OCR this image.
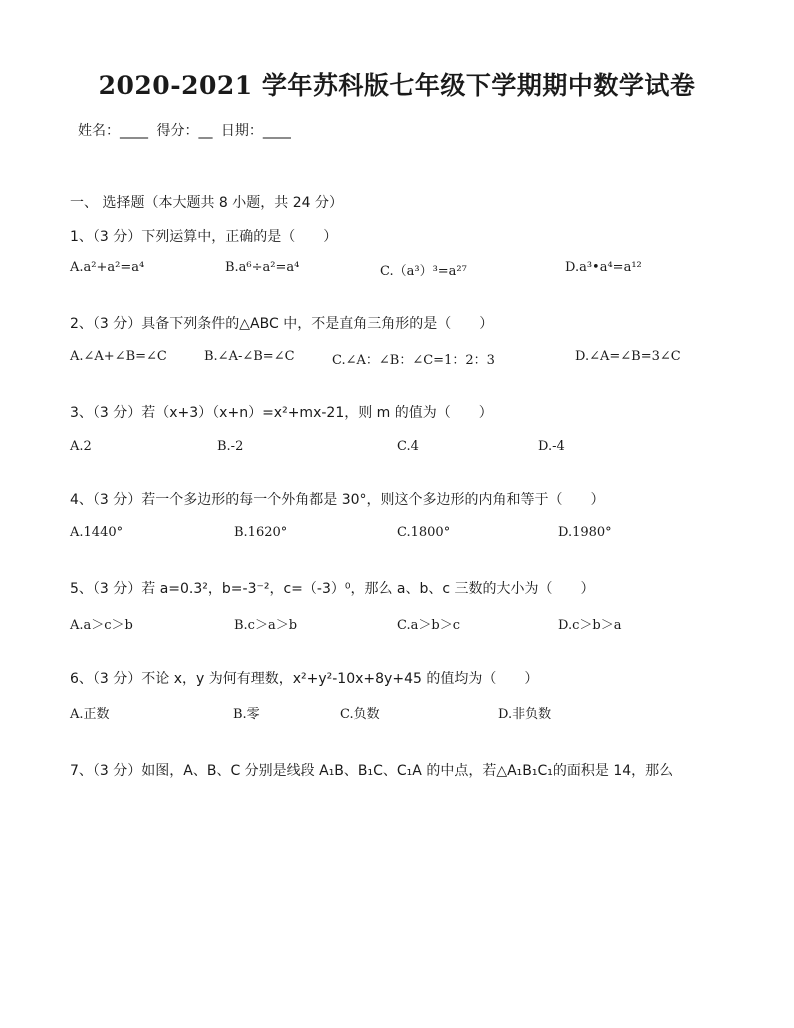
2020-2021 学年苏科版七年级下学期期中数学试卷
姓名：____ 得分：__ 日期：____
一、 选择题（本大题共 8 小题，共 24 分）
1、（3 分）下列运算中，正确的是（　　）
A.a²+a²=a⁴	B.a⁶÷a²=a⁴	C.（a³）³=a²⁷	D.a³•a⁴=a¹²
2、（3 分）具备下列条件的△ABC 中，不是直角三角形的是（　　）
A.∠A+∠B=∠C	B.∠A-∠B=∠C	C.∠A：∠B：∠C=1：2：3	D.∠A=∠B=3∠C
3、（3 分）若（x+3）（x+n）=x²+mx-21，则 m 的值为（　　）
A.2	B.-2	C.4	D.-4
4、（3 分）若一个多边形的每一个外角都是 30°，则这个多边形的内角和等于（　　）
A.1440°	B.1620°	C.1800°	D.1980°
5、（3 分）若 a=0.3²，b=-3⁻²，c=（-3）⁰，那么 a、b、c 三数的大小为（　　）
A.a＞c＞b	B.c＞a＞b	C.a＞b＞c	D.c＞b＞a
6、（3 分）不论 x，y 为何有理数，x²+y²-10x+8y+45 的值均为（　　）
A.正数	B.零	C.负数	D.非负数
7、（3 分）如图，A、B、C 分别是线段 A₁B、B₁C、C₁A 的中点，若△A₁B₁C₁的面积是 14，那么
